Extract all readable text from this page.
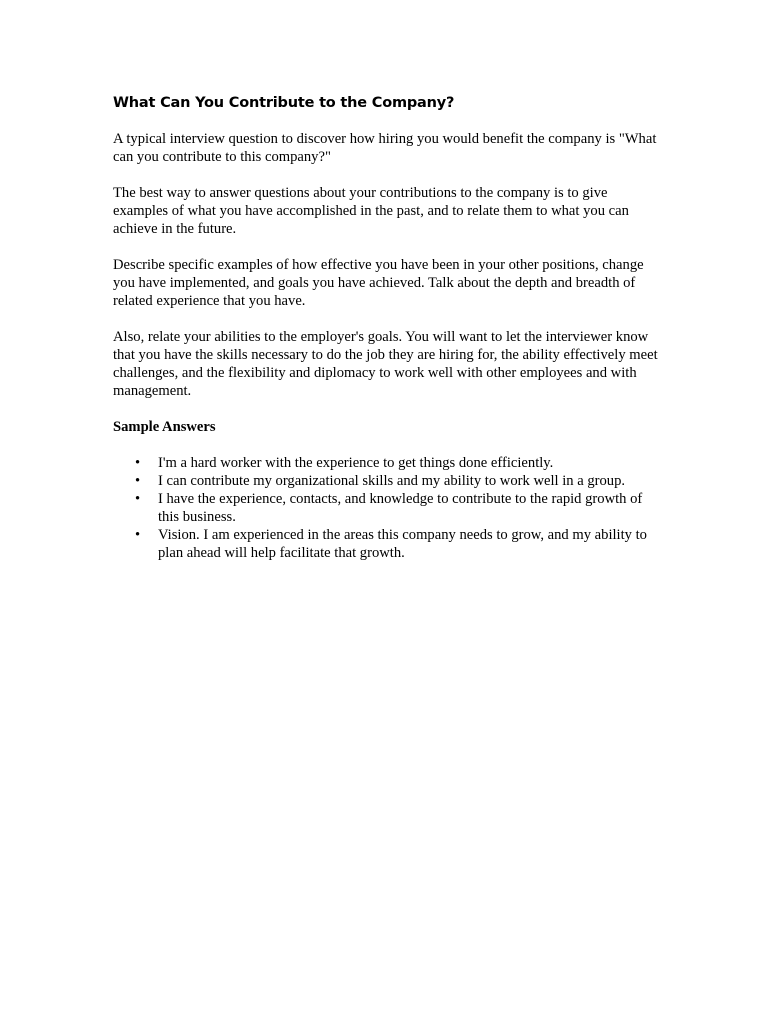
What Can You Contribute to the Company?

A typical interview question to discover how hiring you would benefit the company is "What can you contribute to this company?"

The best way to answer questions about your contributions to the company is to give examples of what you have accomplished in the past, and to relate them to what you can achieve in the future.

Describe specific examples of how effective you have been in your other positions, change you have implemented, and goals you have achieved. Talk about the depth and breadth of related experience that you have.

Also, relate your abilities to the employer's goals. You will want to let the interviewer know that you have the skills necessary to do the job they are hiring for, the ability effectively meet challenges, and the flexibility and diplomacy to work well with other employees and with management.

Sample Answers

• I'm a hard worker with the experience to get things done efficiently.
• I can contribute my organizational skills and my ability to work well in a group.
• I have the experience, contacts, and knowledge to contribute to the rapid growth of this business.
• Vision. I am experienced in the areas this company needs to grow, and my ability to plan ahead will help facilitate that growth.
